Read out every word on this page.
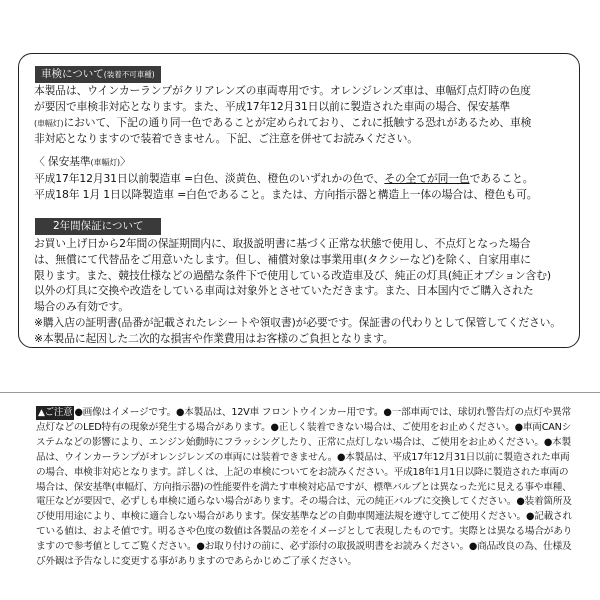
車検について(装着不可車種)
本製品は、ウインカーランプがクリアレンズの車両専用です。オレンジレンズ車は、車幅灯点灯時の色度
が要因で車検非対応となります。また、平成17年12月31日以前に製造された車両の場合、保安基準
(車幅灯)において、下記の通り同一色であることが定められており、これに抵触する恐れがあるため、車検
非対応となりますので装着できません。下記、ご注意を併せてお読みください。
〈 保安基準(車幅灯)〉
平成17年12月31日以前製造車 =白色、淡黄色、橙色のいずれかの色で、その全てが同一色であること。
平成18年 1月 1日以降製造車 =白色であること。または、方向指示器と構造上一体の場合は、橙色も可。
2年間保証について
お買い上げ日から2年間の保証期間内に、取扱説明書に基づく正常な状態で使用し、不点灯となった場合
は、無償にて代替品をご用意いたします。但し、補償対象は事業用車(タクシーなど)を除く、自家用車に
限ります。また、競技仕様などの過酷な条件下で使用している改造車及び、純正の灯具(純正オプション含む)
以外の灯具に交換や改造をしている車両は対象外とさせていただきます。また、日本国内でご購入された
場合のみ有効です。
※購入店の証明書(品番が記載されたレシートや領収書)が必要です。保証書の代わりとして保管してください。
※本製品に起因した二次的な損害や作業費用はお客様のご負担となります。
▲ご注意 ●画像はイメージです。●本製品は、12V車 フロントウインカー用です。●一部車両では、球切れ警告灯の点灯や異常点灯などのLED特有の現象が発生する場合があります。●正しく装着できない場合は、ご使用をお止めください。●車両CANシステムなどの影響により、エンジン始動時にフラッシングしたり、正常に点灯しない場合は、ご使用をお止めください。●本製品は、ウインカーランプがオレンジレンズの車両には装着できません。●本製品は、平成17年12月31日以前に製造された車両の場合、車検非対応となります。詳しくは、上記の車検についてをお読みください。平成18年1月1日以降に製造された車両の場合は、保安基準(車幅灯、方向指示器)の性能要件を満たす車検対応品ですが、標準バルブとは異なった光に見える事や車種、電圧などが要因で、必ずしも車検に通らない場合があります。その場合は、元の純正バルブに交換してください。●装着箇所及び使用用途により、車検に適合しない場合があります。保安基準などの自動車関連法規を遵守してご使用ください。●記載されている値は、およそ値です。明るさや色度の数値は各製品の差をイメージとして表現したものです。実際とは異なる場合がありますので参考値としてご覧ください。●お取り付けの前に、必ず添付の取扱説明書をお読みください。●商品改良の為、仕様及び外観は予告なしに変更する事がありますのであらかじめご了承ください。
